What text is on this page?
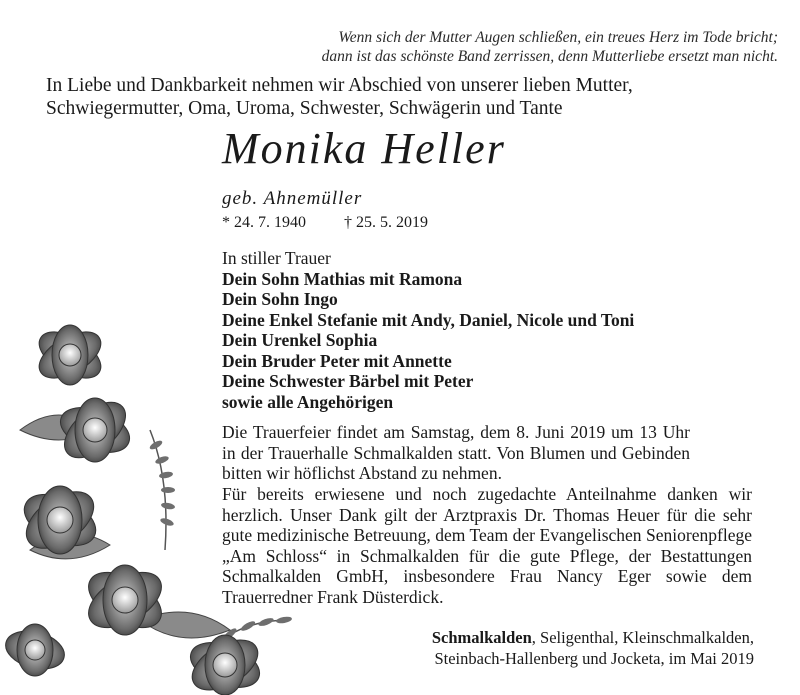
Wenn sich der Mutter Augen schließen, ein treues Herz im Tode bricht;
dann ist das schönste Band zerrissen, denn Mutterliebe ersetzt man nicht.
In Liebe und Dankbarkeit nehmen wir Abschied von unserer lieben Mutter,
Schwiegermutter, Oma, Uroma, Schwester, Schwägerin und Tante
Monika Heller
geb. Ahnemüller
* 24. 7. 1940 † 25. 5. 2019
In stiller Trauer
Dein Sohn Mathias mit Ramona
Dein Sohn Ingo
Deine Enkel Stefanie mit Andy, Daniel, Nicole und Toni
Dein Urenkel Sophia
Dein Bruder Peter mit Annette
Deine Schwester Bärbel mit Peter
sowie alle Angehörigen
Die Trauerfeier findet am Samstag, dem 8. Juni 2019 um 13 Uhr in der Trauerhalle Schmalkalden statt. Von Blumen und Gebinden bitten wir höflichst Abstand zu nehmen.
Für bereits erwiesene und noch zugedachte Anteilnahme danken wir herzlich. Unser Dank gilt der Arztpraxis Dr. Thomas Heuer für die sehr gute medizinische Betreuung, dem Team der Evangelischen Seniorenpflege „Am Schloss“ in Schmalkalden für die gute Pflege, der Bestattungen Schmalkalden GmbH, insbesondere Frau Nancy Eger sowie dem Trauerredner Frank Düsterdick.
Schmalkalden, Seligenthal, Kleinschmalkalden,
Steinbach-Hallenberg und Jocketa, im Mai 2019
